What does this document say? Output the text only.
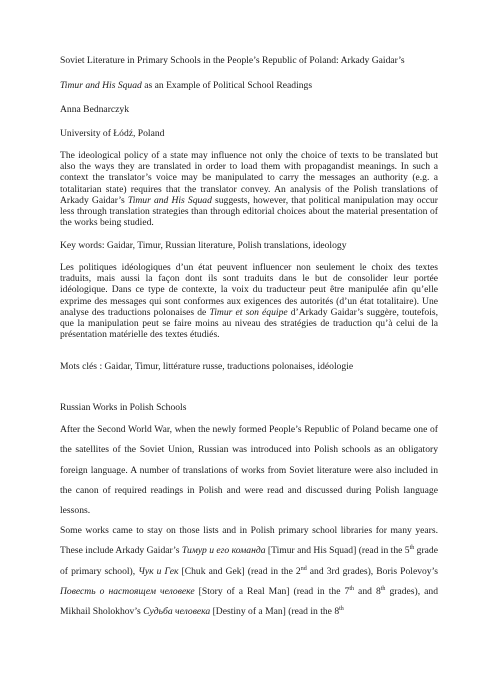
Soviet Literature in Primary Schools in the People’s Republic of Poland: Arkady Gaidar’s

Timur and His Squad as an Example of Political School Readings

Anna Bednarczyk

University of Łódź, Poland

The ideological policy of a state may influence not only the choice of texts to be translated but also the ways they are translated in order to load them with propagandist meanings. In such a context the translator’s voice may be manipulated to carry the messages an authority (e.g. a totalitarian state) requires that the translator convey. An analysis of the Polish translations of Arkady Gaidar’s Timur and His Squad suggests, however, that political manipulation may occur less through translation strategies than through editorial choices about the material presentation of the works being studied.

Key words: Gaidar, Timur, Russian literature, Polish translations, ideology

Les politiques idéologiques d’un état peuvent influencer non seulement le choix des textes traduits, mais aussi la façon dont ils sont traduits dans le but de consolider leur portée idéologique. Dans ce type de contexte, la voix du traducteur peut être manipulée afin qu’elle exprime des messages qui sont conformes aux exigences des autorités (d’un état totalitaire). Une analyse des traductions polonaises de Timur et son équipe d’Arkady Gaidar’s suggère, toutefois, que la manipulation peut se faire moins au niveau des stratégies de traduction qu’à celui de la présentation matérielle des textes étudiés.

Mots clés : Gaidar, Timur, littérature russe, traductions polonaises, idéologie

Russian Works in Polish Schools

After the Second World War, when the newly formed People’s Republic of Poland became one of the satellites of the Soviet Union, Russian was introduced into Polish schools as an obligatory foreign language. A number of translations of works from Soviet literature were also included in the canon of required readings in Polish and were read and discussed during Polish language lessons.

Some works came to stay on those lists and in Polish primary school libraries for many years. These include Arkady Gaidar’s Тимур и его команда [Timur and His Squad] (read in the 5th grade of primary school), Чук и Гек [Chuk and Gek] (read in the 2nd and 3rd grades), Boris Polevoy’s Повесть о настоящем человеке [Story of a Real Man] (read in the 7th and 8th grades), and Mikhail Sholokhov’s Судьба человека [Destiny of a Man] (read in the 8th
